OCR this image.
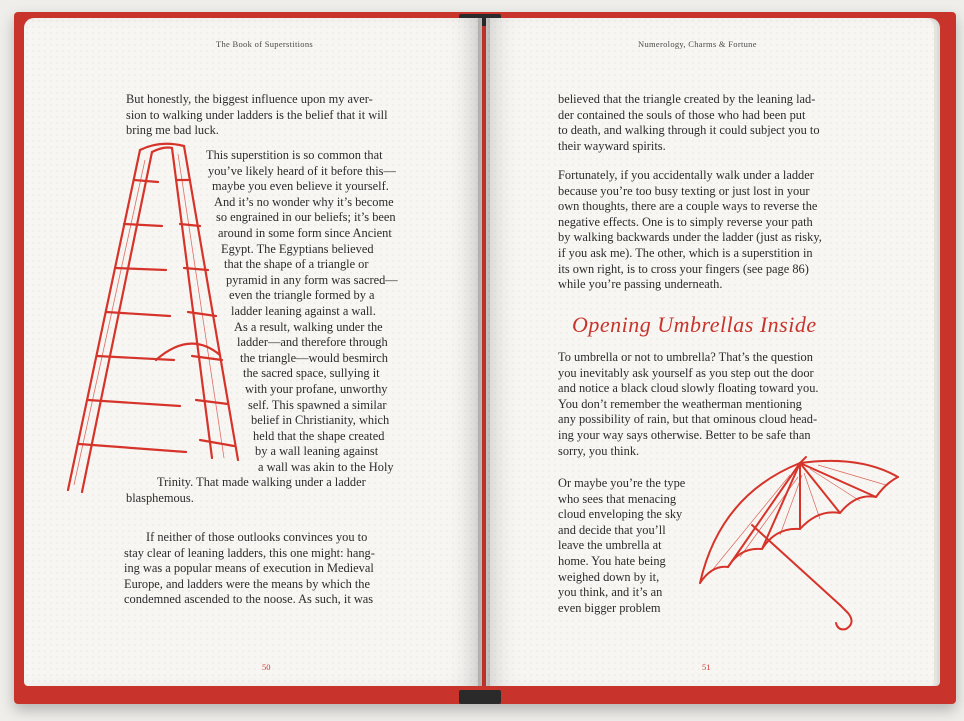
The Book of Superstitions
50
But honestly, the biggest influence upon my aver-
sion to walking under ladders is the belief that it will
bring me bad luck.
This superstition is so common that
you’ve likely heard of it before this—
maybe you even believe it yourself.
And it’s no wonder why it’s become
so engrained in our beliefs; it’s been
around in some form since Ancient
Egypt. The Egyptians believed
that the shape of a triangle or
pyramid in any form was sacred—
even the triangle formed by a
ladder leaning against a wall.
As a result, walking under the
ladder—and therefore through
the triangle—would besmirch
the sacred space, sullying it
with your profane, unworthy
self. This spawned a similar
belief in Christianity, which
held that the shape created
by a wall leaning against
a wall was akin to the Holy
Trinity. That made walking under a ladder
blasphemous.
If neither of those outlooks convinces you to
stay clear of leaning ladders, this one might: hang-
ing was a popular means of execution in Medieval
Europe, and ladders were the means by which the
condemned ascended to the noose. As such, it was
Numerology, Charms & Fortune
51
believed that the triangle created by the leaning lad-
der contained the souls of those who had been put
to death, and walking through it could subject you to
their wayward spirits.
Fortunately, if you accidentally walk under a ladder
because you’re too busy texting or just lost in your
own thoughts, there are a couple ways to reverse the
negative effects. One is to simply reverse your path
by walking backwards under the ladder (just as risky,
if you ask me). The other, which is a superstition in
its own right, is to cross your fingers (see page 86)
while you’re passing underneath.
Opening Umbrellas Inside
To umbrella or not to umbrella? That’s the question
you inevitably ask yourself as you step out the door
and notice a black cloud slowly floating toward you.
You don’t remember the weatherman mentioning
any possibility of rain, but that ominous cloud head-
ing your way says otherwise. Better to be safe than
sorry, you think.
Or maybe you’re the type
who sees that menacing
cloud enveloping the sky
and decide that you’ll
leave the umbrella at
home. You hate being
weighed down by it,
you think, and it’s an
even bigger problem
